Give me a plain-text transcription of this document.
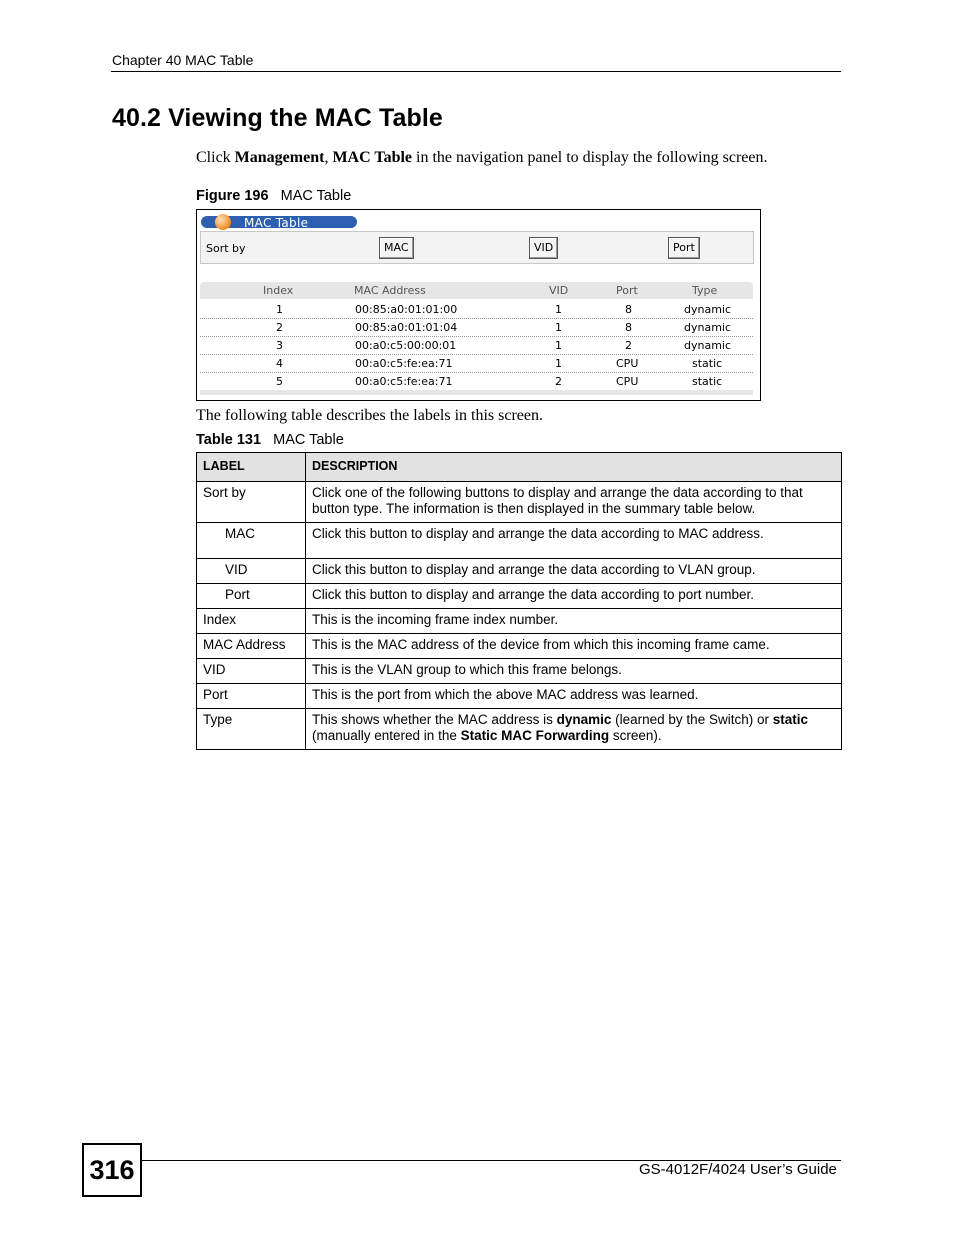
Chapter 40 MAC Table
40.2 Viewing the MAC Table
Click Management, MAC Table in the navigation panel to display the following screen.
Figure 196 MAC Table
MAC Table
Sort by	MAC	VID	Port
Index	MAC Address	VID	Port	Type
1	00:85:a0:01:01:00	1	8	dynamic
2	00:85:a0:01:01:04	1	8	dynamic
3	00:a0:c5:00:00:01	1	2	dynamic
4	00:a0:c5:fe:ea:71	1	CPU	static
5	00:a0:c5:fe:ea:71	2	CPU	static
The following table describes the labels in this screen.
Table 131 MAC Table
LABEL	DESCRIPTION
Sort by	Click one of the following buttons to display and arrange the data according to that button type. The information is then displayed in the summary table below.
MAC	Click this button to display and arrange the data according to MAC address.
VID	Click this button to display and arrange the data according to VLAN group.
Port	Click this button to display and arrange the data according to port number.
Index	This is the incoming frame index number.
MAC Address	This is the MAC address of the device from which this incoming frame came.
VID	This is the VLAN group to which this frame belongs.
Port	This is the port from which the above MAC address was learned.
Type	This shows whether the MAC address is dynamic (learned by the Switch) or static (manually entered in the Static MAC Forwarding screen).
316	GS-4012F/4024 User’s Guide
